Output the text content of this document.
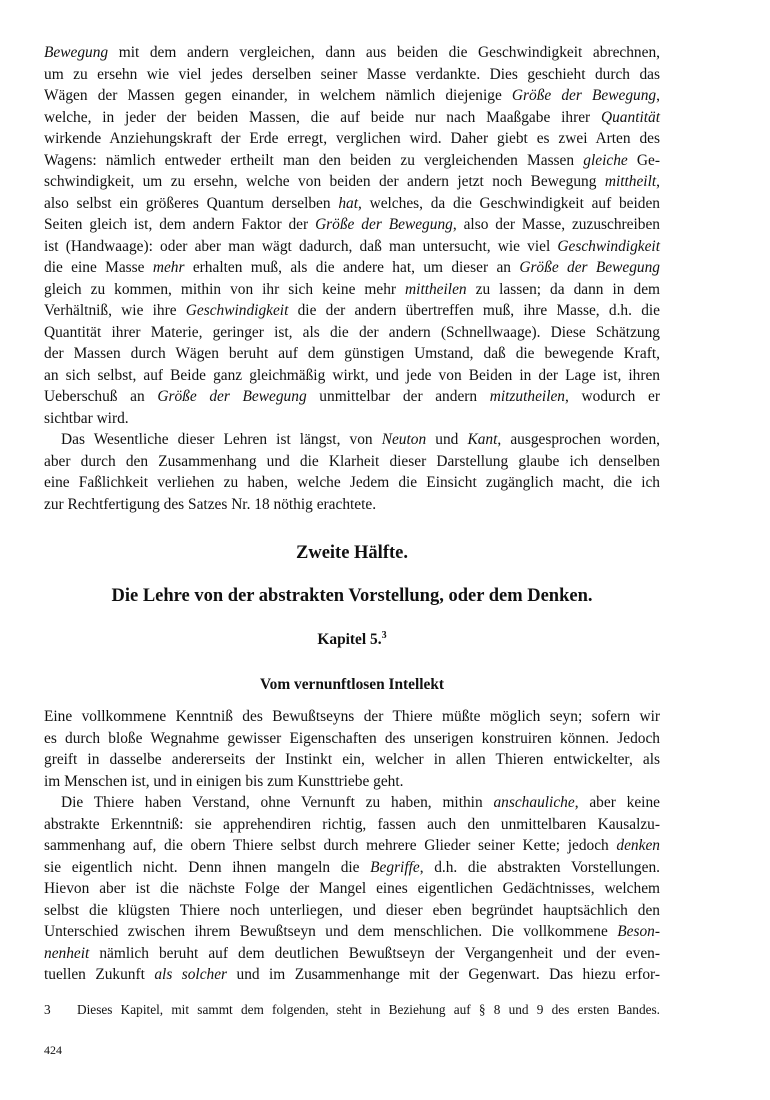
Bewegung mit dem andern vergleichen, dann aus beiden die Geschwindigkeit abrechnen,
um zu ersehn wie viel jedes derselben seiner Masse verdankte. Dies geschieht durch das
Wägen der Massen gegen einander, in welchem nämlich diejenige Größe der Bewegung,
welche, in jeder der beiden Massen, die auf beide nur nach Maaßgabe ihrer Quantität
wirkende Anziehungskraft der Erde erregt, verglichen wird. Daher giebt es zwei Arten des
Wagens: nämlich entweder ertheilt man den beiden zu vergleichenden Massen gleiche Ge-
schwindigkeit, um zu ersehn, welche von beiden der andern jetzt noch Bewegung mittheilt,
also selbst ein größeres Quantum derselben hat, welches, da die Geschwindigkeit auf beiden
Seiten gleich ist, dem andern Faktor der Größe der Bewegung, also der Masse, zuzuschreiben
ist (Handwaage): oder aber man wägt dadurch, daß man untersucht, wie viel Geschwindigkeit
die eine Masse mehr erhalten muß, als die andere hat, um dieser an Größe der Bewegung
gleich zu kommen, mithin von ihr sich keine mehr mittheilen zu lassen; da dann in dem
Verhältniß, wie ihre Geschwindigkeit die der andern übertreffen muß, ihre Masse, d.h. die
Quantität ihrer Materie, geringer ist, als die der andern (Schnellwaage). Diese Schätzung
der Massen durch Wägen beruht auf dem günstigen Umstand, daß die bewegende Kraft,
an sich selbst, auf Beide ganz gleichmäßig wirkt, und jede von Beiden in der Lage ist, ihren
Ueberschuß an Größe der Bewegung unmittelbar der andern mitzutheilen, wodurch er
sichtbar wird.

Das Wesentliche dieser Lehren ist längst, von Neuton und Kant, ausgesprochen worden,
aber durch den Zusammenhang und die Klarheit dieser Darstellung glaube ich denselben
eine Faßlichkeit verliehen zu haben, welche Jedem die Einsicht zugänglich macht, die ich
zur Rechtfertigung des Satzes Nr. 18 nöthig erachtete.

Zweite Hälfte.
Die Lehre von der abstrakten Vorstellung, oder dem Denken.
Kapitel 5.$^3$
Vom vernunftlosen Intellekt

Eine vollkommene Kenntniß des Bewußtseyns der Thiere müßte möglich seyn; sofern wir
es durch bloße Wegnahme gewisser Eigenschaften des unserigen konstruiren können. Jedoch
greift in dasselbe andererseits der Instinkt ein, welcher in allen Thieren entwickelter, als
im Menschen ist, und in einigen bis zum Kunsttriebe geht.

Die Thiere haben Verstand, ohne Vernunft zu haben, mithin anschauliche, aber keine
abstrakte Erkenntniß: sie apprehendiren richtig, fassen auch den unmittelbaren Kausalzu-
sammenhang auf, die obern Thiere selbst durch mehrere Glieder seiner Kette; jedoch denken
sie eigentlich nicht. Denn ihnen mangeln die Begriffe, d.h. die abstrakten Vorstellungen.
Hievon aber ist die nächste Folge der Mangel eines eigentlichen Gedächtnisses, welchem
selbst die klügsten Thiere noch unterliegen, und dieser eben begründet hauptsächlich den
Unterschied zwischen ihrem Bewußtseyn und dem menschlichen. Die vollkommene Beson-
nenheit nämlich beruht auf dem deutlichen Bewußtseyn der Vergangenheit und der even-
tuellen Zukunft als solcher und im Zusammenhange mit der Gegenwart. Das hiezu erfor-

3	Dieses Kapitel, mit sammt dem folgenden, steht in Beziehung auf § 8 und 9 des ersten Bandes.
424
